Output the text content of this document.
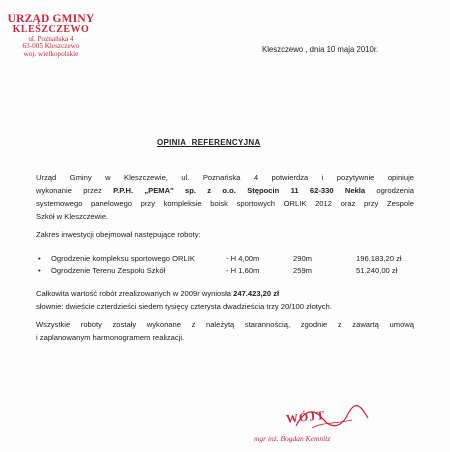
URZĄD GMINY
KLESZCZEWO
ul. Poznańska 4
63-005 Kleszczewo
woj. wielkopolskie	Kleszczewo , dnia 10 maja 2010r.
OPINIA REFERENCYJNA
Urząd Gminy w Kleszczewie, ul. Poznańska 4 potwierdza i pozytywnie opiniuje
wykonanie przez P.P.H. „PEMA" sp. z o.o. Stępocin 11 62-330 Nekla ogrodzenia
systemowego panelowego przy kompleksie boisk sportowych ORLIK 2012 oraz przy Zespole
Szkół w Kleszczewie.
Zakres inwestycji obejmował następujące roboty:
• Ogrodzenie kompleksu sportowego ORLIK	- H 4,00m	290m	196.183,20 zł .
• Ogrodzenie Terenu Zespołu Szkół	- H 1,60m	259m	51.240,00 zł
Całkowita wartość robót zrealizowanych w 2009r wyniosła 247.423,20 zł
słownie: dwieście czterdzieści siedem tysięcy czterysta dwadzieścia trzy 20/100 złotych.
Wszystkie roboty zostały wykonane z należytą starannością, zgodnie z zawartą umową
i zaplanowanym harmonogramem realizacji.
WÓJT
mgr inż. Bogdan Kemnitz
